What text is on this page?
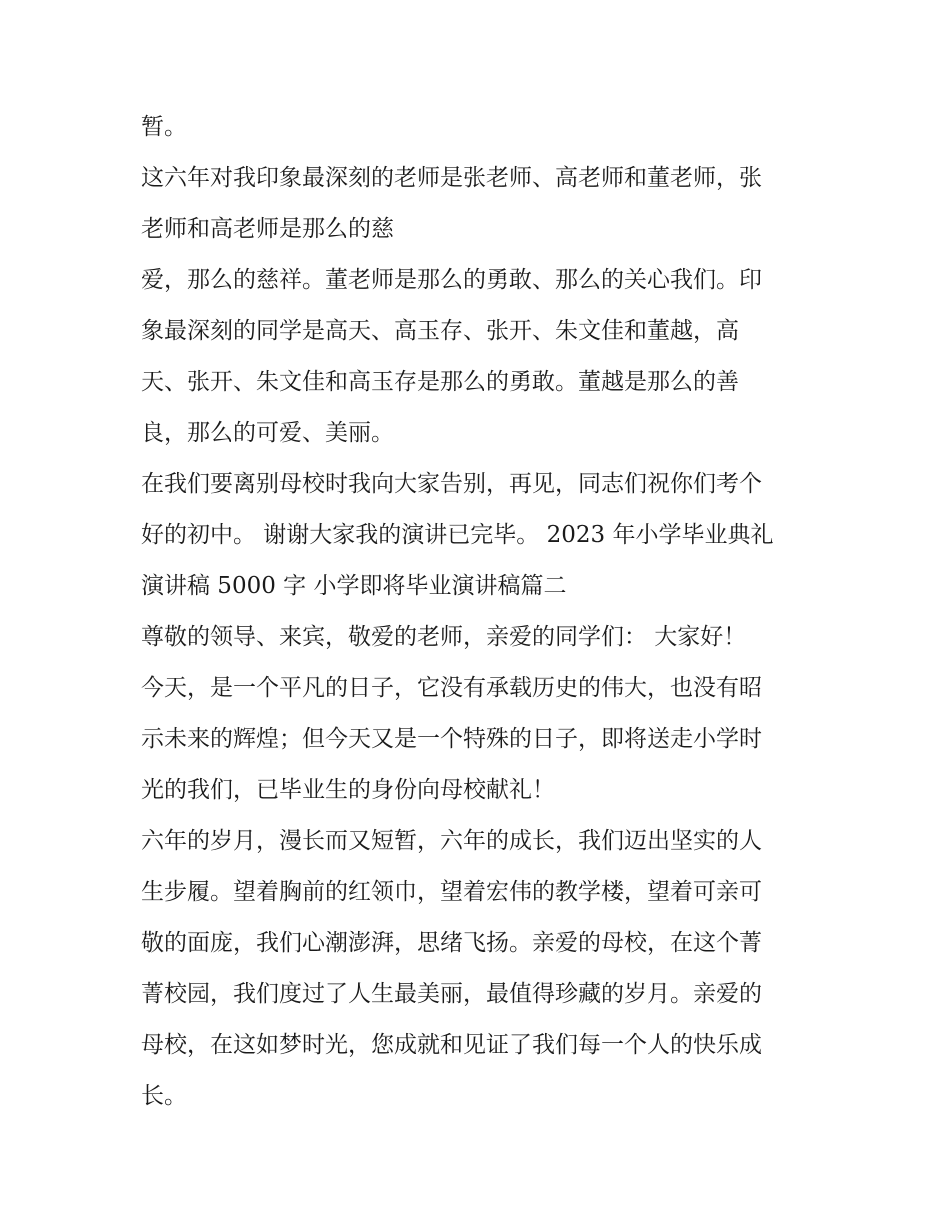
暂。
这六年对我印象最深刻的老师是张老师、高老师和董老师，张
老师和高老师是那么的慈
爱，那么的慈祥。董老师是那么的勇敢、那么的关心我们。印
象最深刻的同学是高天、高玉存、张开、朱文佳和董越，高
天、张开、朱文佳和高玉存是那么的勇敢。董越是那么的善
良，那么的可爱、美丽。
在我们要离别母校时我向大家告别，再见，同志们祝你们考个
好的初中。 谢谢大家我的演讲已完毕。 2023 年小学毕业典礼
演讲稿 5000 字 小学即将毕业演讲稿篇二
尊敬的领导、来宾，敬爱的老师，亲爱的同学们： 大家好！
今天，是一个平凡的日子，它没有承载历史的伟大，也没有昭
示未来的辉煌；但今天又是一个特殊的日子，即将送走小学时
光的我们，已毕业生的身份向母校献礼！
六年的岁月，漫长而又短暂，六年的成长，我们迈出坚实的人
生步履。望着胸前的红领巾，望着宏伟的教学楼，望着可亲可
敬的面庞，我们心潮澎湃，思绪飞扬。亲爱的母校，在这个菁
菁校园，我们度过了人生最美丽，最值得珍藏的岁月。亲爱的
母校，在这如梦时光，您成就和见证了我们每一个人的快乐成
长。
